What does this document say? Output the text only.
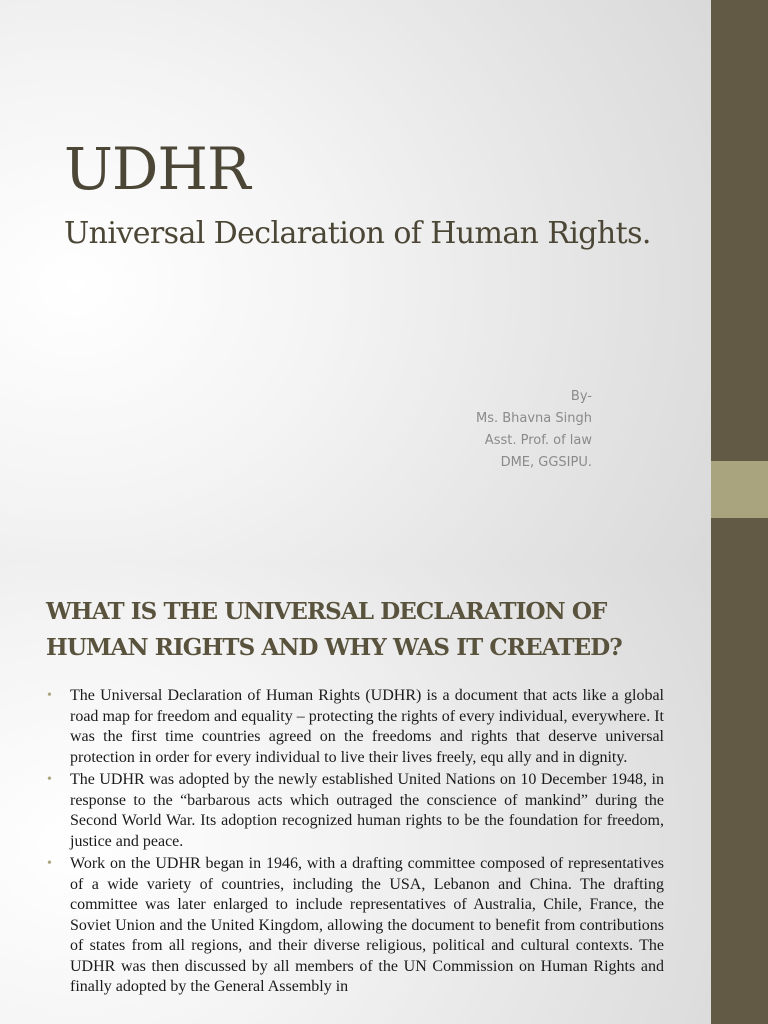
UDHR
Universal Declaration of Human Rights.
By-
Ms. Bhavna Singh
Asst. Prof. of law
DME, GGSIPU.
WHAT IS THE UNIVERSAL DECLARATION OF HUMAN RIGHTS AND WHY WAS IT CREATED?
• The Universal Declaration of Human Rights (UDHR) is a document that acts like a global road map for freedom and equality – protecting the rights of every individual, everywhere. It was the first time countries agreed on the freedoms and rights that deserve universal protection in order for every individual to live their lives freely, equ ally and in dignity.
• The UDHR was adopted by the newly established United Nations on 10 December 1948, in response to the “barbarous acts which outraged the conscience of mankind” during the Second World War. Its adoption recognized human rights to be the foundation for freedom, justice and peace.
• Work on the UDHR began in 1946, with a drafting committee composed of representatives of a wide variety of countries, including the USA, Lebanon and China. The drafting committee was later enlarged to include representatives of Australia, Chile, France, the Soviet Union and the United Kingdom, allowing the document to benefit from contributions of states from all regions, and their diverse religious, political and cultural contexts. The UDHR was then discussed by all members of the UN Commission on Human Rights and finally adopted by the General Assembly in
